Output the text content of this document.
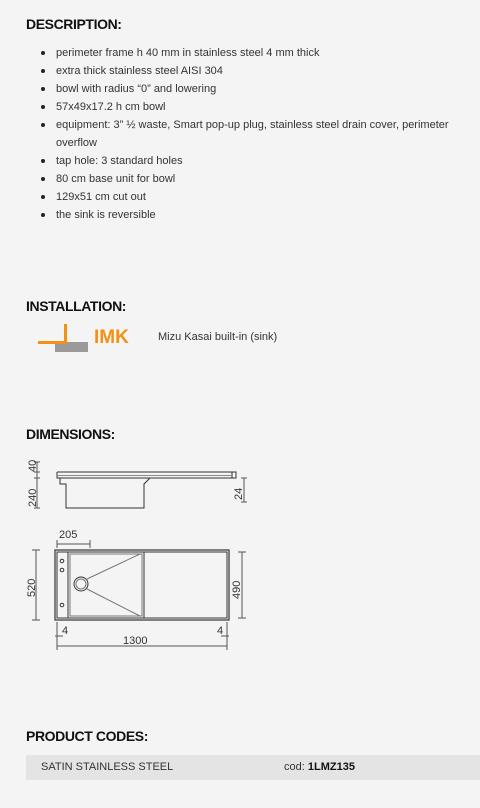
DESCRIPTION:
perimeter frame h 40 mm in stainless steel 4 mm thick
extra thick stainless steel AISI 304
bowl with radius “0” and lowering
57x49x17.2 h cm bowl
equipment: 3” ½ waste, Smart pop-up plug, stainless steel drain cover, perimeter overflow
tap hole: 3 standard holes
80 cm base unit for bowl
129x51 cm cut out
the sink is reversible
INSTALLATION:
IMK	Mizu Kasai built-in (sink)
DIMENSIONS:
40
240	24
205
520	490
4	4
1300
PRODUCT CODES:
SATIN STAINLESS STEEL	cod: 1LMZ135
